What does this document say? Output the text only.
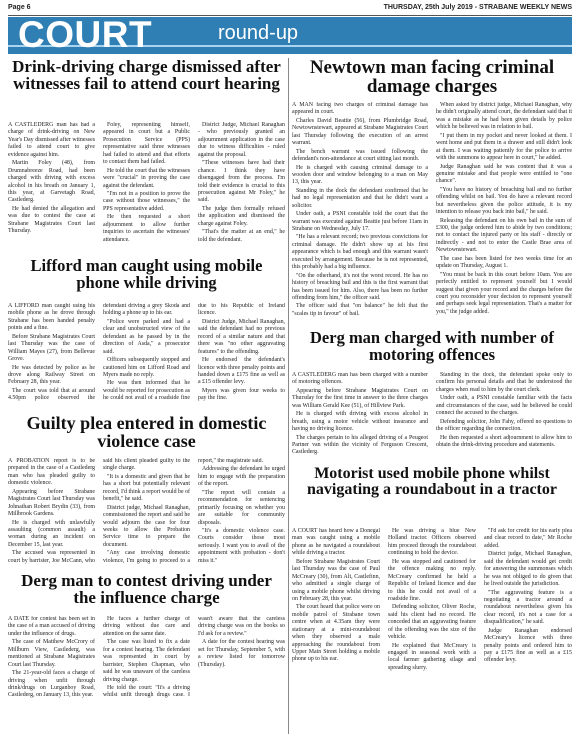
Page 6	THURSDAY, 25th July 2019 - STRABANE WEEKLY NEWS
COURT	round-up
Drink-driving charge dismissed after witnesses fail to attend court hearing

A CASTLEDERG man has had a charge of drink-driving on New Year's Day dismissed after witnesses failed to attend court to give evidence against him.

Martin Foley (48), from Drumnabreeze Road, had been charged with driving with excess alcohol in his breath on January 1, this year, at Garvetagh Road, Castlederg.

He had denied the allegation and was due to contest the case at Strabane Magistrates Court last Thursday.

Foley, representing himself, appeared in court but a Public Prosecution Service (PPS) representative said three witnesses had failed to attend and that efforts to contact them had failed.

He told the court that the witnesses were "crucial" in proving the case against the defendant.

"I'm not in a position to prove the case without those witnesses," the PPS representative added.

He then requested a short adjournment to allow further inquiries to ascertain the witnesses' attendance.

District Judge, Michael Ranaghan - who previously granted an adjournment application in the case due to witness difficulties - ruled against the proposal.

"These witnesses have had their chance. I think they have disengaged from the process. I'm told their evidence is crucial to this prosecution against Mr Foley," he said.

The judge then formally refused the application and dismissed the charge against Foley.

"That's the matter at an end," he told the defendant.

Newtown man facing criminal damage charges

A MAN facing two charges of criminal damage has appeared in court.

Charles David Beattie (56), from Plumbridge Road, Newtownstewart, appeared at Strabane Magistrates Court last Thursday following the execution of an arrest warrant.

The bench warrant was issued following the defendant's non-attendance at court sitting last month.

He is charged with causing criminal damage to a wooden door and window belonging to a man on May 13, this year.

Standing in the dock the defendant confirmed that he had no legal representation and that he didn't want a solicitor.

Under oath, a PSNI constable told the court that the warrant was executed against Beattie just before 11am in Strabane on Wednesday, July 17.

"He has a relevant record; two previous convictions for criminal damage. He didn't show up at his first appearance which is bad enough and this warrant wasn't executed by arrangement. Because he is not represented, this probably had a big influence.

"On the otherhand, it's not the worst record. He has no history of breaching bail and this is the first warrant that has been issued for him. Also, there has been no further offending from him," the officer said.

The officer said that "on balance" he felt that the "scales tip in favour" of bail.

When asked by district judge, Michael Ranaghan, why he didn't originally attend court, the defendant said that it was a mistake as he had been given details by police which he believed was in relation to bail.

"I put them in my pocket and never looked at them. I went home and put them in a drawer and still didn't look at them. I was waiting patiently for the police to arrive with the summons to appear here in court," he added.

Judge Ranaghan said he was content that it was a genuine mistake and that people were entitled to "one chance".

"You have no history of breaching bail and no further offending whilst on bail. You do have a relevant record but nevertheless given the police attitude, it is my intention to release you back into bail," he said.

Releasing the defendant on his own bail in the sum of £300, the judge ordered him to abide by two conditions; not to contact the injured party or his staff - directly or indirectly - and not to enter the Castle Brae area of Newtownstewart.

The case has been listed for two weeks time for an update on Thursday, August 1.

"You must be back in this court before 10am. You are perfectly entitled to represent yourself but I would suggest that given your record and the charges before the court you reconsider your decision to represent yourself and perhaps seek legal representation. That's a matter for you," the judge added.

Lifford man caught using mobile phone while driving

A LIFFORD man caught using his mobile phone as he drove through Strabane has been handed penalty points and a fine.

Before Strabane Magistrates Court last Thursday was the case of William Mayes (27), from Bellevue Grove.

He was detected by police as he drove along Railway Street on February 28, this year.

The court was told that at around 4.50pm police observed the defendant driving a grey Skoda and holding a phone up to his ear.

"Police were parked and had a clear and unobstructed view of the defendant as he passed by in the direction of Asda," a prosecutor said.

Officers subsequently stopped and cautioned him on Lifford Road and Myers made no reply.

He was then informed that he would be reported for prosecution as he could not avail of a roadside fine due to his Republic of Ireland licence.

District Judge, Michael Ranaghan, said the defendant had no previous record of a similar nature and that there was "no other aggravating features" to the offending.

He endorsed the defendant's licence with three penalty points and handed down a £175 fine as well as a £15 offender levy.

Myers was given four weeks to pay the fine.

Derg man charged with number of motoring offences

A CASTLEDERG man has been charged with a number of motoring offences.

Appearing before Strabane Magistrates Court on Thursday for the first time in answer to the three charges was William Gerald Kee (51), of Hillview Park.

He is charged with driving with excess alcohol in breath, using a motor vehicle without insurance and having no driving licence.

The charges pertain to his alleged driving of a Peugeot Partner van within the vicinity of Ferguson Crescent, Castlederg.

Standing in the dock, the defendant spoke only to confirm his personal details and that he understood the charges when read to him by the court clerk.

Under oath, a PSNI constable familiar with the facts and circumstances of the case, said he believed he could connect the accused to the charges.

Defending solicitor, John Fahy, offered no questions to the officer regarding the connection.

He then requested a short adjournment to allow him to obtain the drink-driving procedure and statements.

Guilty plea entered in domestic violence case

A PROBATION report is to be prepared in the case of a Castlederg man who has pleaded guilty to domestic violence.

Appearing before Strabane Magistrates Court last Thursday was Johnathan Robert Brydin (33), from Millbrook Gardens.

He is charged with unlawfully assaulting (common assault) a woman during an incident on December 15, last year.

The accused was represented in court by barrister, Joe McCann, who said his client pleaded guilty to the single charge.

"It is a domestic and given that he has a short but potentially relevant record, I'd think a report would be of benefit," he said.

District judge, Michael Ranaghan, commissioned the report and said he would adjourn the case for four weeks to allow the Probation Service time to prepare the document.

"Any case involving domestic violence, I'm going to proceed to a report," the magistrate said.

Addressing the defendant he urged him to engage with the preparation of the report.

"The report will contain a recommendation for sentencing primarily focusing on whether you are suitable for community disposals.

"It's a domestic violence case. Courts consider those most seriously. I want you to avail of the appointment with probation - don't miss it."

Motorist used mobile phone whilst navigating a roundabout in a tractor

A COURT has heard how a Donegal man was caught using a mobile phone as he navigated a roundabout while driving a tractor.

Before Strabane Magistrates Court last Thursday was the case of Paul McCreary (30), from Alt, Castlefinn, who admitted a single charge of using a mobile phone whilst driving on February 28, this year.

The court heard that police were on mobile patrol of Strabane town centre when at 4.35am they were stationary at a mini-roundabout when they observed a male approaching the roundabout from Upper Main Street holding a mobile phone up to his ear.

He was driving a blue New Holland tractor. Officers observed him proceed through the roundabout continuing to hold the device.

He was stopped and cautioned for the offence making no reply. McCreary confirmed he held a Republic of Ireland licence and due to this he could not avail of a roadside fine.

Defending solicitor, Oliver Roche, said his client had no record. He conceded that an aggravating feature of the offending was the size of the vehicle.

He explained that McCreary is engaged in seasonal work with a local farmer gathering silage and spreading slurry.

"I'd ask for credit for his early plea and clear record to date," Mr Roche added.

District judge, Michael Ranaghan, said the defendant would get credit for answering the summonses which he was not obliged to do given that he lived outside the jurisdiction.

"The aggravating feature is a negotiating a tractor around a roundabout nevertheless given his clear record, it's not a case for a disqualification," he said.

Judge Ranaghan endorsed McCreary's licence with three penalty points and ordered him to pay a £175 fine as well as a £15 offender levy.

Derg man to contest driving under the influence charge

A DATE for contest has been set in the case of a man accused of driving under the influence of drugs.

The case of Matthew McCrory of Millburn View, Castlederg, was mentioned at Strabane Magistrates Court last Thursday.

The 21-year-old faces a charge of driving when unfit through drink/drugs on Lurganboy Road, Castlederg, on January 13, this year.

He faces a further charge of driving without due care and attention on the same date.

The case was listed to fix a date for a contest hearing. The defendant was represented in court by barrister, Stephen Chapman, who said he was unaware of the careless driving charge.

He told the court: "It's a driving whilst unfit through drugs case. I wasn't aware that the careless driving charge was on the books so I'd ask for a review."

A date for the contest hearing was set for Thursday, September 5, with a review listed for tomorrow (Thursday).
